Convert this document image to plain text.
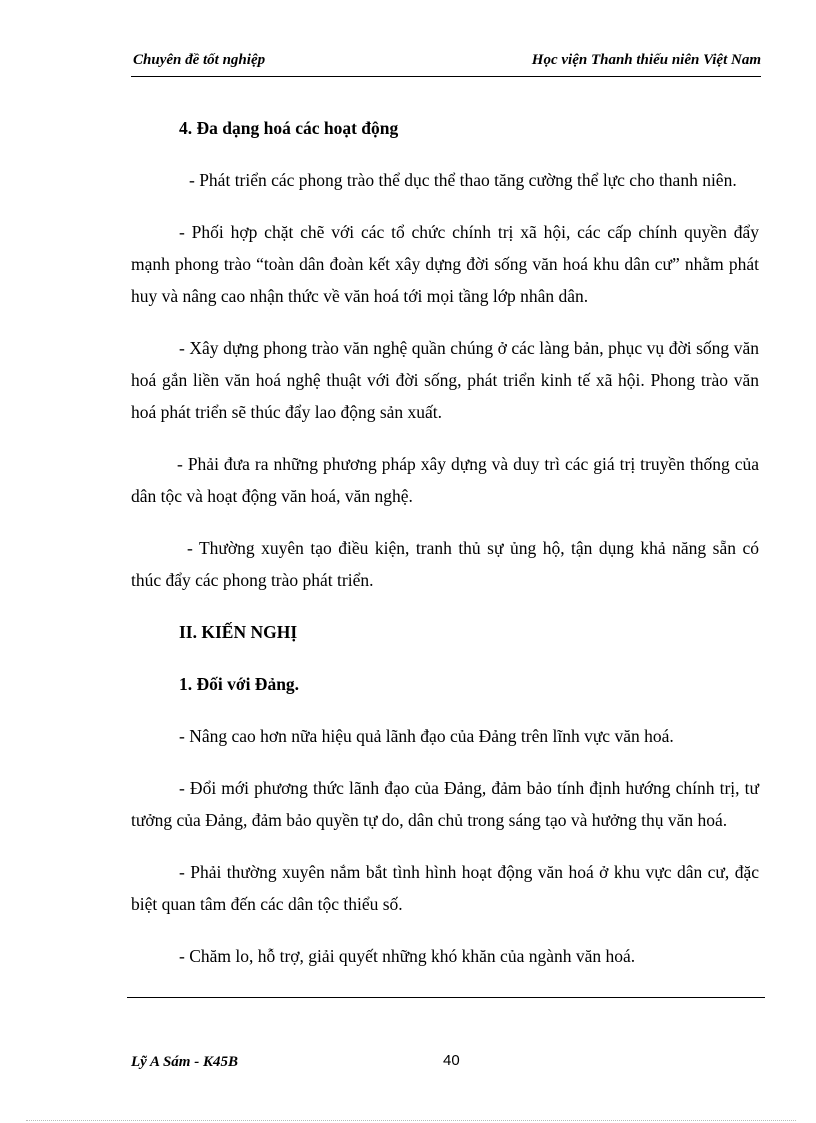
Chuyên đề tốt nghiệp	Học viện Thanh thiếu niên Việt Nam
4. Đa dạng hoá các hoạt động

- Phát triển các phong trào thể dục thể thao tăng cường thể lực cho thanh niên.

- Phối hợp chặt chẽ với các tổ chức chính trị xã hội, các cấp chính quyền đẩy mạnh phong trào “toàn dân đoàn kết xây dựng đời sống văn hoá khu dân cư” nhằm phát huy và nâng cao nhận thức về văn hoá tới mọi tầng lớp nhân dân.

- Xây dựng phong trào văn nghệ quần chúng ở các làng bản, phục vụ đời sống văn hoá gắn liền văn hoá nghệ thuật với đời sống, phát triển kinh tế xã hội. Phong trào văn hoá phát triển sẽ thúc đẩy lao động sản xuất.

- Phải đưa ra những phương pháp xây dựng và duy trì các giá trị truyền thống của dân tộc và hoạt động văn hoá, văn nghệ.

- Thường xuyên tạo điều kiện, tranh thủ sự ủng hộ, tận dụng khả năng sẵn có thúc đẩy các phong trào phát triển.

II. KIẾN NGHỊ
1. Đối với Đảng.

- Nâng cao hơn nữa hiệu quả lãnh đạo của Đảng trên lĩnh vực văn hoá.

- Đổi mới phương thức lãnh đạo của Đảng, đảm bảo tính định hướng chính trị, tư tưởng của Đảng, đảm bảo quyền tự do, dân chủ trong sáng tạo và hưởng thụ văn hoá.

- Phải thường xuyên nắm bắt tình hình hoạt động văn hoá ở khu vực dân cư, đặc biệt quan tâm đến các dân tộc thiểu số.

- Chăm lo, hỗ trợ, giải quyết những khó khăn của ngành văn hoá.

Lỹ A Sám - K45B	40
